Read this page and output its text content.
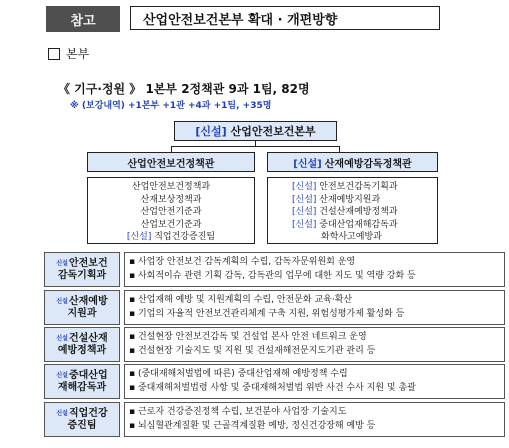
참고	산업안전보건본부 확대 · 개편방향
본부
《 기구·정원 》 1본부 2정책관 9과 1팀, 82명
※ (보강내역) +1본부 +1관 +4과 +1팀, +35명
[신설] 산업안전보건본부
산업안전보건정책관	[신설] 산재예방감독정책관
산업안전보건정책과
산재보상정책과
산업안전기준과
산업보건기준과
[신설] 직업건강증진팀
[신설] 안전보건감독기획과
[신설] 산재예방지원과
[신설] 건설산재예방정책과
[신설] 중대산업재해감독과
화학사고예방과
$^{신설}$안전보건
감독기획과
▪ 사업장 안전보건 감독계획의 수립, 감독자문위원회 운영
▪ 사회적이슈 관련 기획 감독, 감독관의 업무에 대한 지도 및 역량 강화 등
$^{신설}$산재예방
지원과
▪ 산업재해 예방 및 지원계획의 수립, 안전문화 교육·확산
▪ 기업의 자율적 안전보건관리체계 구축 지원, 위험성평가제 활성화 등
$^{신설}$건설산재
예방정책과
▪ 건설현장 안전보건감독 및 건설업 본사 안전 네트워크 운영
▪ 건설현장 기술지도 및 지원 및 건설재해전문지도기관 관리 등
$^{신설}$중대산업
재해감독과
▪ (중대재해처벌법에 따른) 중대산업재해 예방정책 수립
▪ 중대재해처벌법령 사항 및 중대재해처벌법 위반 사건 수사 지원 및 총괄
$^{신설}$직업건강
증진팀
▪ 근로자 건강증진정책 수립, 보건분야 사업장 기술지도
▪ 뇌심혈관계질환 및 근골격계질환 예방, 정신건강장해 예방 등
